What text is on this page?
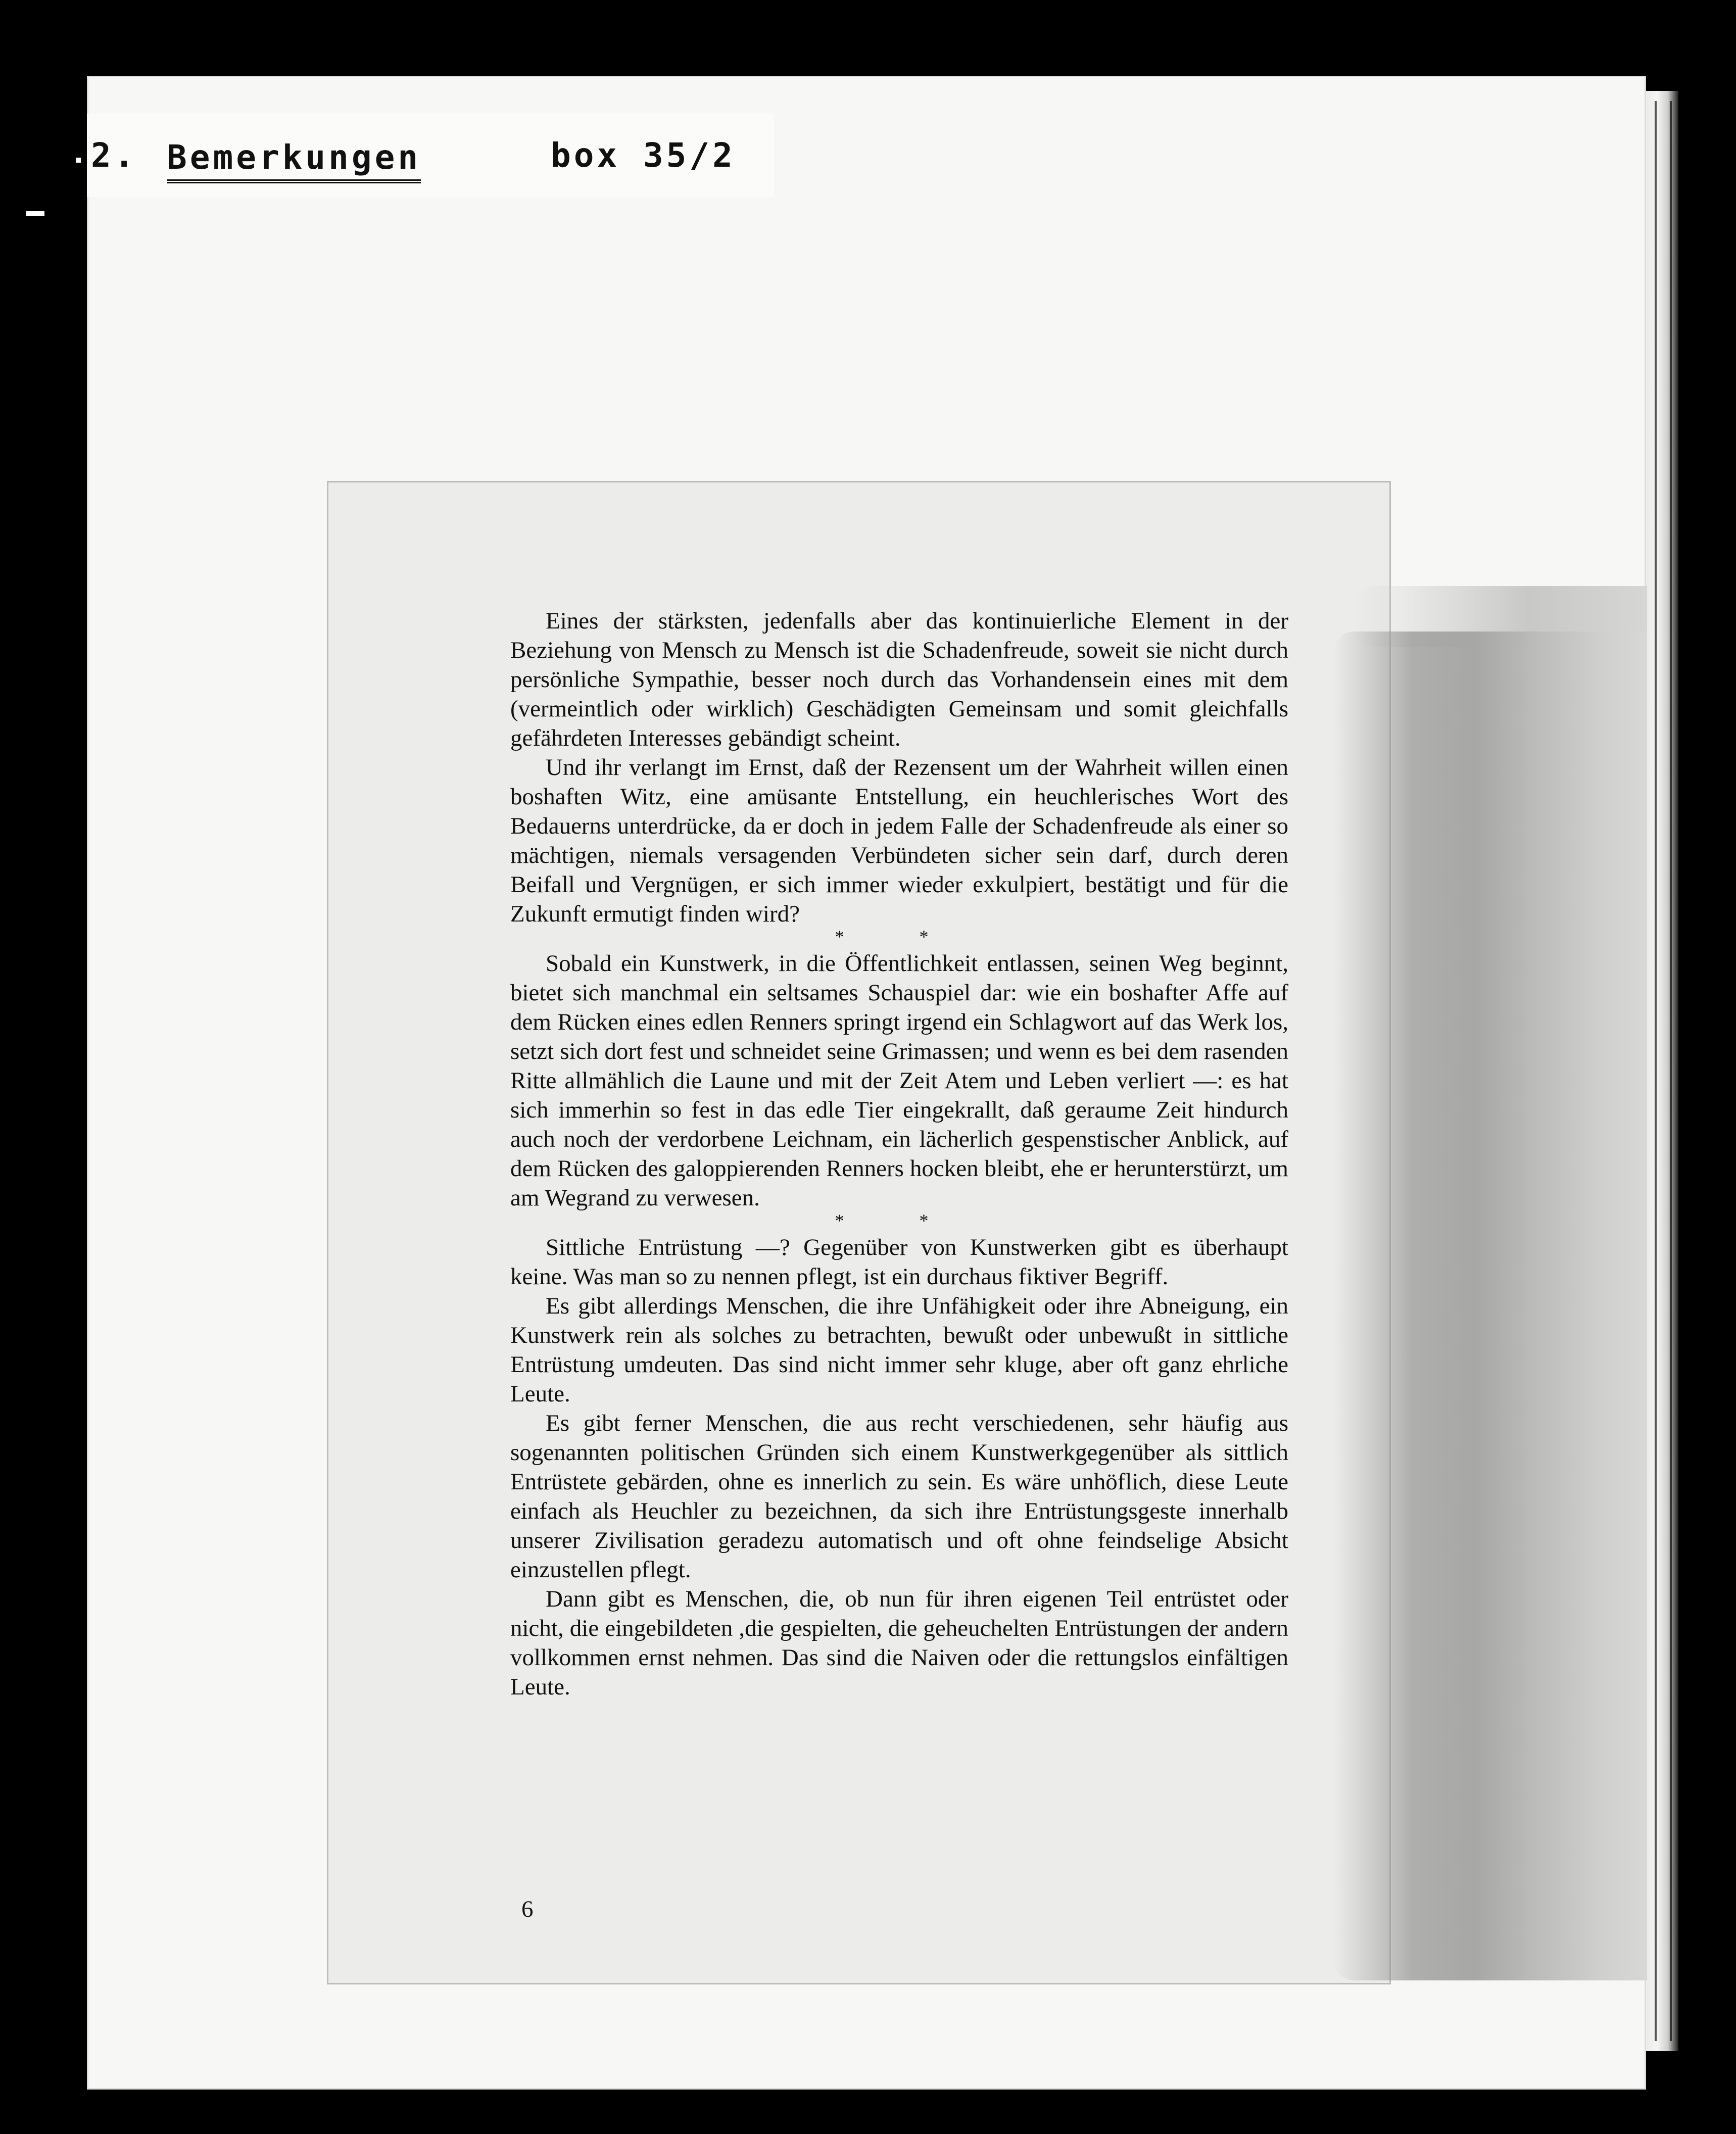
2. Bemerkungen	box 35/2

Eines der stärksten, jedenfalls aber das kontinuierliche Element in der Beziehung von Mensch zu Mensch ist die Schadenfreude, soweit sie nicht durch persönliche Sympathie, besser noch durch das Vorhandensein eines mit dem (vermeintlich oder wirklich) Geschädigten Gemeinsam und somit gleichfalls gefährdeten Interesses gebändigt scheint.

Und ihr verlangt im Ernst, daß der Rezensent um der Wahrheit willen einen boshaften Witz, eine amüsante Entstellung, ein heuchlerisches Wort des Bedauerns unterdrücke, da er doch in jedem Falle der Schadenfreude als einer so mächtigen, niemals versagenden Verbündeten sicher sein darf, durch deren Beifall und Vergnügen, er sich immer wieder exkulpiert, bestätigt und für die Zukunft ermutigt finden wird?

* *

Sobald ein Kunstwerk, in die Öffentlichkeit entlassen, seinen Weg beginnt, bietet sich manchmal ein seltsames Schauspiel dar: wie ein boshafter Affe auf dem Rücken eines edlen Renners springt irgend ein Schlagwort auf das Werk los, setzt sich dort fest und schneidet seine Grimassen; und wenn es bei dem rasenden Ritte allmählich die Laune und mit der Zeit Atem und Leben verliert —: es hat sich immerhin so fest in das edle Tier eingekrallt, daß geraume Zeit hindurch auch noch der verdorbene Leichnam, ein lächerlich gespenstischer Anblick, auf dem Rücken des galoppierenden Renners hocken bleibt, ehe er herunterstürzt, um am Wegrand zu verwesen.

* *

Sittliche Entrüstung —? Gegenüber von Kunstwerken gibt es überhaupt keine. Was man so zu nennen pflegt, ist ein durchaus fiktiver Begriff.

Es gibt allerdings Menschen, die ihre Unfähigkeit oder ihre Abneigung, ein Kunstwerk rein als solches zu betrachten, bewußt oder unbewußt in sittliche Entrüstung umdeuten. Das sind nicht immer sehr kluge, aber oft ganz ehrliche Leute.

Es gibt ferner Menschen, die aus recht verschiedenen, sehr häufig aus sogenannten politischen Gründen sich einem Kunstwerkgegenüber als sittlich Entrüstete gebärden, ohne es innerlich zu sein. Es wäre unhöflich, diese Leute einfach als Heuchler zu bezeichnen, da sich ihre Entrüstungsgeste innerhalb unserer Zivilisation geradezu automatisch und oft ohne feindselige Absicht einzustellen pflegt.

Dann gibt es Menschen, die, ob nun für ihren eigenen Teil entrüstet oder nicht, die eingebildeten ,die gespielten, die geheuchelten Entrüstungen der andern vollkommen ernst nehmen. Das sind die Naiven oder die rettungslos einfältigen Leute.

6
